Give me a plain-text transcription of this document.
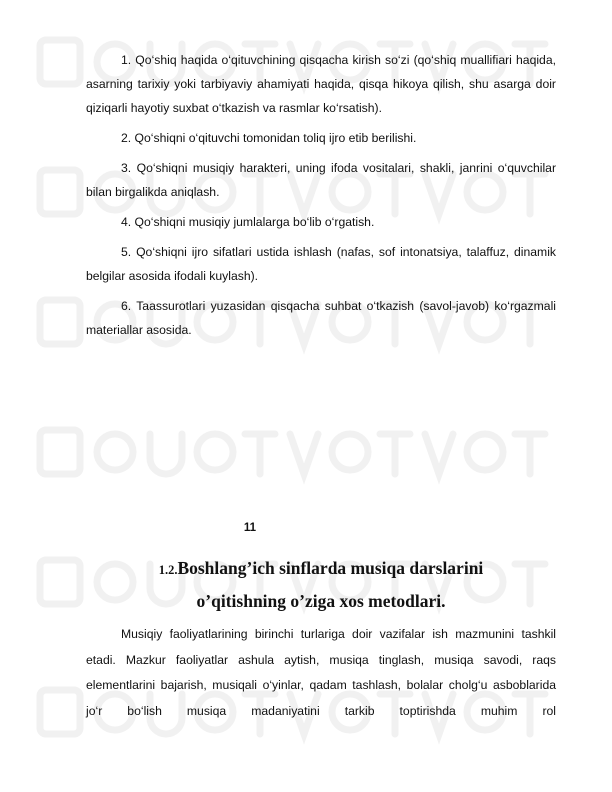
1. Qo‘shiq haqida o‘qituvchining qisqacha kirish so‘zi (qo‘shiq muallifiari haqida, asarning tarixiy yoki tarbiyaviy ahamiyati haqida, qisqa hikoya qilish, shu asarga doir qiziqarli hayotiy suxbat o‘tkazish va rasmlar ko‘rsatish).

2. Qo‘shiqni o‘qituvchi tomonidan toliq ijro etib berilishi.

3. Qo‘shiqni musiqiy harakteri, uning ifoda vositalari, shakli, janrini o‘quvchilar bilan birgalikda aniqlash.

4. Qo‘shiqni musiqiy jumlalarga bo‘lib o‘rgatish.

5. Qo‘shiqni ijro sifatlari ustida ishlash (nafas, sof intonatsiya, talaffuz, dinamik belgilar asosida ifodali kuylash).

6. Taassurotlari yuzasidan qisqacha suhbat o‘tkazish (savol-javob) ko‘rgazmali materiallar asosida.

11
1.2.Boshlang’ich sinflarda musiqa darslarini
o’qitishning o’ziga xos metodlari.

Musiqiy faoliyatlarining birinchi turlariga doir vazifalar ish mazmunini tashkil etadi. Mazkur faoliyatlar ashula aytish, musiqa tinglash, musiqa savodi, raqs elementlarini bajarish, musiqali o‘yinlar, qadam tashlash, bolalar cholg‘u asboblarida jo‘r bo‘lish musiqa madaniyatini tarkib toptirishda muhim rol
